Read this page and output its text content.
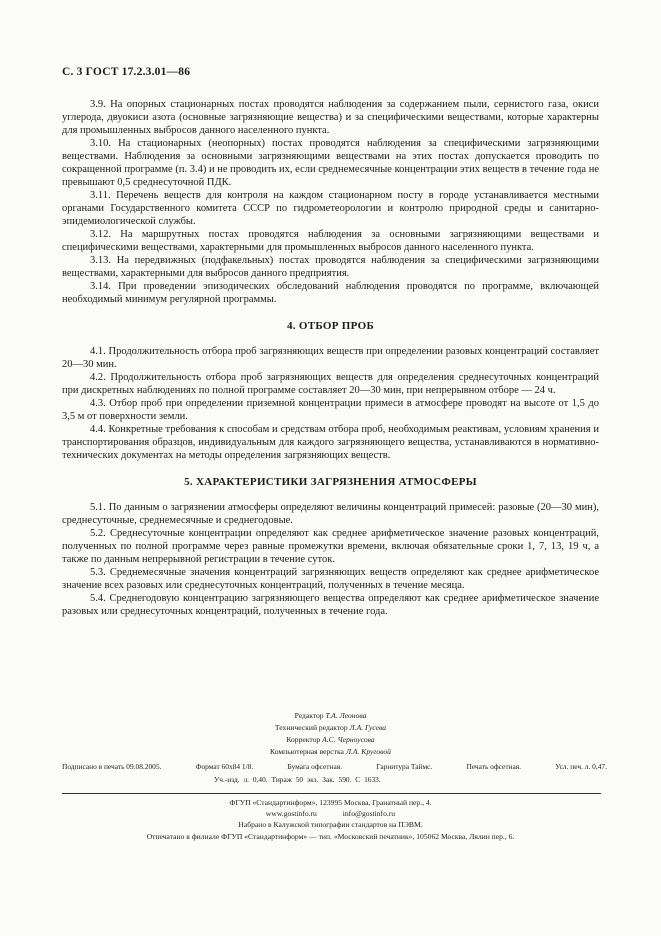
С. 3 ГОСТ 17.2.3.01—86

3.9. На опорных стационарных постах проводятся наблюдения за содержанием пыли, сернистого газа, окиси углерода, двуокиси азота (основные загрязняющие вещества) и за специфическими веществами, которые характерны для промышленных выбросов данного населенного пункта.

3.10. На стационарных (неопорных) постах проводятся наблюдения за специфическими загрязняющими веществами. Наблюдения за основными загрязняющими веществами на этих постах допускается проводить по сокращенной программе (п. 3.4) и не проводить их, если среднемесячные концентрации этих веществ в течение года не превышают 0,5 среднесуточной ПДК.

3.11. Перечень веществ для контроля на каждом стационарном посту в городе устанавливается местными органами Государственного комитета СССР по гидрометеорологии и контролю природной среды и санитарно-эпидемиологической службы.

3.12. На маршрутных постах проводятся наблюдения за основными загрязняющими веществами и специфическими веществами, характерными для промышленных выбросов данного населенного пункта.

3.13. На передвижных (подфакельных) постах проводятся наблюдения за специфическими загрязняющими веществами, характерными для выбросов данного предприятия.

3.14. При проведении эпизодических обследований наблюдения проводятся по программе, включающей необходимый минимум регулярной программы.

4. ОТБОР ПРОБ

4.1. Продолжительность отбора проб загрязняющих веществ при определении разовых концентраций составляет 20—30 мин.

4.2. Продолжительность отбора проб загрязняющих веществ для определения среднесуточных концентраций при дискретных наблюдениях по полной программе составляет 20—30 мин, при непрерывном отборе — 24 ч.

4.3. Отбор проб при определении приземной концентрации примеси в атмосфере проводят на высоте от 1,5 до 3,5 м от поверхности земли.

4.4. Конкретные требования к способам и средствам отбора проб, необходимым реактивам, условиям хранения и транспортирования образцов, индивидуальным для каждого загрязняющего вещества, устанавливаются в нормативно-технических документах на методы определения загрязняющих веществ.

5. ХАРАКТЕРИСТИКИ ЗАГРЯЗНЕНИЯ АТМОСФЕРЫ

5.1. По данным о загрязнении атмосферы определяют величины концентраций примесей: разовые (20—30 мин), среднесуточные, среднемесячные и среднегодовые.

5.2. Среднесуточные концентрации определяют как среднее арифметическое значение разовых концентраций, полученных по полной программе через равные промежутки времени, включая обязательные сроки 1, 7, 13, 19 ч, а также по данным непрерывной регистрации в течение суток.

5.3. Среднемесячные значения концентраций загрязняющих веществ определяют как среднее арифметическое значение всех разовых или среднесуточных концентраций, полученных в течение месяца.

5.4. Среднегодовую концентрацию загрязняющего вещества определяют как среднее арифметическое значение разовых или среднесуточных концентраций, полученных в течение года.

Редактор Т.А. Леонова
Технический редактор Л.А. Гусева
Корректор А.С. Черноусова
Компьютерная верстка Л.А. Круговой
Подписано в печать 09.08.2005.	Формат 60x84 1/8.	Бумага офсетная.	Гарнитура Таймс.	Печать офсетная.	Усл. печ. л. 0,47.
Уч.-изд. л. 0,40. Тираж 50 экз. Зак. 590. С 1633.
ФГУП «Стандартинформ», 123995 Москва, Гранатный пер., 4.
www.gostinfo.ru	info@gostinfo.ru
Набрано в Калужской типографии стандартов на ПЭВМ.
Отпечатано в филиале ФГУП «Стандартинформ» — тип. «Московский печатник», 105062 Москва, Лялин пер., 6.
